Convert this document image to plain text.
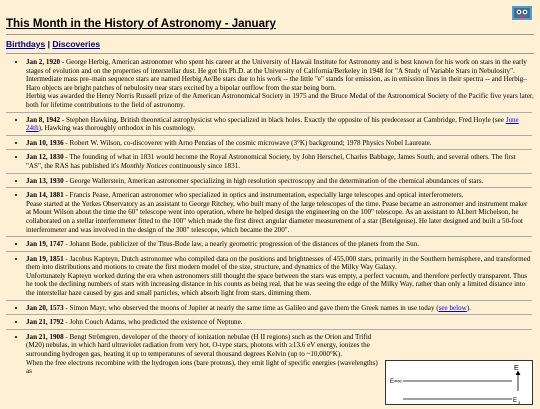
This Month in the History of Astronomy - January
Birthdays | Discoveries
• Jan 2, 1920 - George Herbig, American astronomer who spent his career at the University of Hawaii Institute for Astronomy and is best known for his work on stars in the early stages of evolution and on the properties of interstellar dust. He got his Ph.D. at the University of California/Berkeley in 1948 for "A Study of Variable Stars in Nebulosity".
Intermediate mass pre–main sequence stars are named Herbig Ae/Be stars due to his work -- the little "e" stands for emission, as in emission lines in their spectra -- and Herbig–Haro objects are bright patches of nebulosity near stars excited by a bipolar outflow from the star being born.
Herbig was awarded the Henry Norris Russell prize of the American Astronomical Society in 1975 and the Bruce Medal of the Astronomical Society of the Pacific five years later, both for lifetime contributions to the field of astronomy.
• Jan 8, 1942 - Stephen Hawking, British theoretical astrophysicist who specialized in black holes. Exactly the opposite of his predecessor at Cambridge, Fred Hoyle (see June 24th), Hawking was thoroughly orthodox in his cosmology.
• Jan 10, 1936 - Robert W. Wilson, co-discoverer with Arno Penzias of the cosmic microwave (3°K) background; 1978 Physics Nobel Laureate.
• Jan 12, 1830 - The founding of what in 1831 would become the Royal Astronomical Society, by John Herschel, Charles Babbage, James South, and several others. The first "AS", the RAS has published it's Monthly Notices continuously since 1831.
• Jan 13, 1930 - George Wallerstein, American astronomer specializing in high resolution spectroscopy and the determination of the chemical abundances of stars.
• Jan 14, 1881 - Francis Pease, American astronomer who specialized in optics and instrumentation, especially large telescopes and optical interferometers.
Pease started at the Yerkes Observatory as an assistant to George Ritchey, who built many of the large telescopes of the time. Pease became an astronomer and instrument maker at Mount Wilson about the time the 60" telescope went into operation, where he helped design the engineering on the 100" telescope. As an assistant to ALbert Michelson, he collaborated on a stellar interferometer fitted to the 100" which made the first direct angular diameter measurement of a star (Betelgeuse). He later designed and built a 50-foot interferometer and was involved in the design of the 300" telescope, which became the 200".
• Jan 19, 1747 - Johann Bode, publicizer of the Titus-Bode law, a nearly geometric progression of the distances of the planets from the Sun.
• Jan 19, 1851 - Jacobus Kapteyn, Dutch astronomer who compiled data on the positions and brightnesses of 455,000 stars, primarily in the Southern hemisphere, and transformed them into distributions and motions to create the first modern model of the size, structure, and dynamics of the Milky Way Galaxy.
Unfortunately Kapteyn worked during the era when astronomers still thought the space between the stars was empty, a perfect vacuum, and therefore perfectly transparent. Thus he took the declining numbers of stars with increasing distance in his counts as being real, that he was seeing the edge of the Milky Way, rather than only a limited distance into the interstellar haze caused by gas and small particles, which absorb light from stars, dimming them.
• Jan 20, 1573 - Simon Mayr, who observed the moons of Jupiter at nearly the same time as Galileo and gave them the Greek names in use today (see below).
• Jan 21, 1792 - John Couch Adams, who predicted the existence of Neptune.
• Jan 21, 1908 - Bengt Strömgren, developer of the theory of ionization nebulae (H II regions) such as the Orion and Trifid (M20) nebulas, in which hard ultraviolet radiation from very hot, O-type stars, photons with ≥13.6 eV energy, ionizes the surrounding hydrogen gas, heating it up to temperatures of several thousand degrees Kelvin (up to ~10,000°K).
When the free electrons recombine with the hydrogen ions (bare protons), they emit light of specific energies (wavelengths) as	E
E=∞
E 3
